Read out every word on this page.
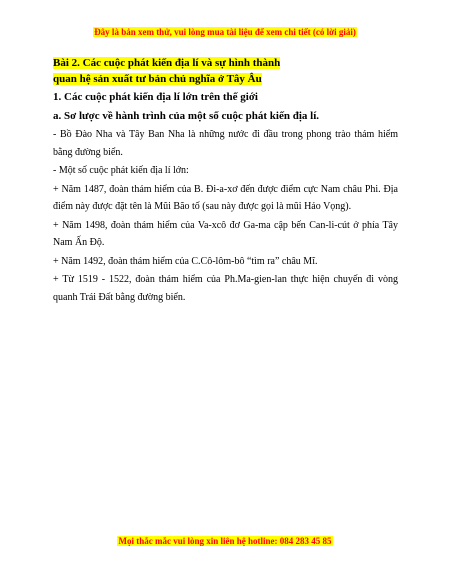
Đây là bản xem thử, vui lòng mua tài liệu để xem chi tiết (có lời giải)
Bài 2. Các cuộc phát kiến địa lí và sự hình thành
quan hệ sản xuất tư bản chủ nghĩa ở Tây Âu
1. Các cuộc phát kiến địa lí lớn trên thế giới
a. Sơ lược về hành trình của một số cuộc phát kiến địa lí.
- Bồ Đào Nha và Tây Ban Nha là những nước đi đầu trong phong trào thám hiểm bằng đường biển.
- Một số cuộc phát kiến địa lí lớn:
+ Năm 1487, đoàn thám hiểm của B. Đi-a-xơ đến được điểm cực Nam châu Phi. Địa điểm này được đặt tên là Mũi Bão tố (sau này được gọi là mũi Hảo Vọng).
+ Năm 1498, đoàn thám hiểm của Va-xcô đơ Ga-ma cập bến Can-li-cút ở phía Tây Nam Ấn Độ.
+ Năm 1492, đoàn thám hiểm của C.Cô-lôm-bô “tìm ra” châu Mĩ.
+ Từ 1519 - 1522, đoàn thám hiểm của Ph.Ma-gien-lan thực hiện chuyến đi vòng quanh Trái Đất bằng đường biển.
Mọi thắc mắc vui lòng xin liên hệ hotline: 084 283 45 85
